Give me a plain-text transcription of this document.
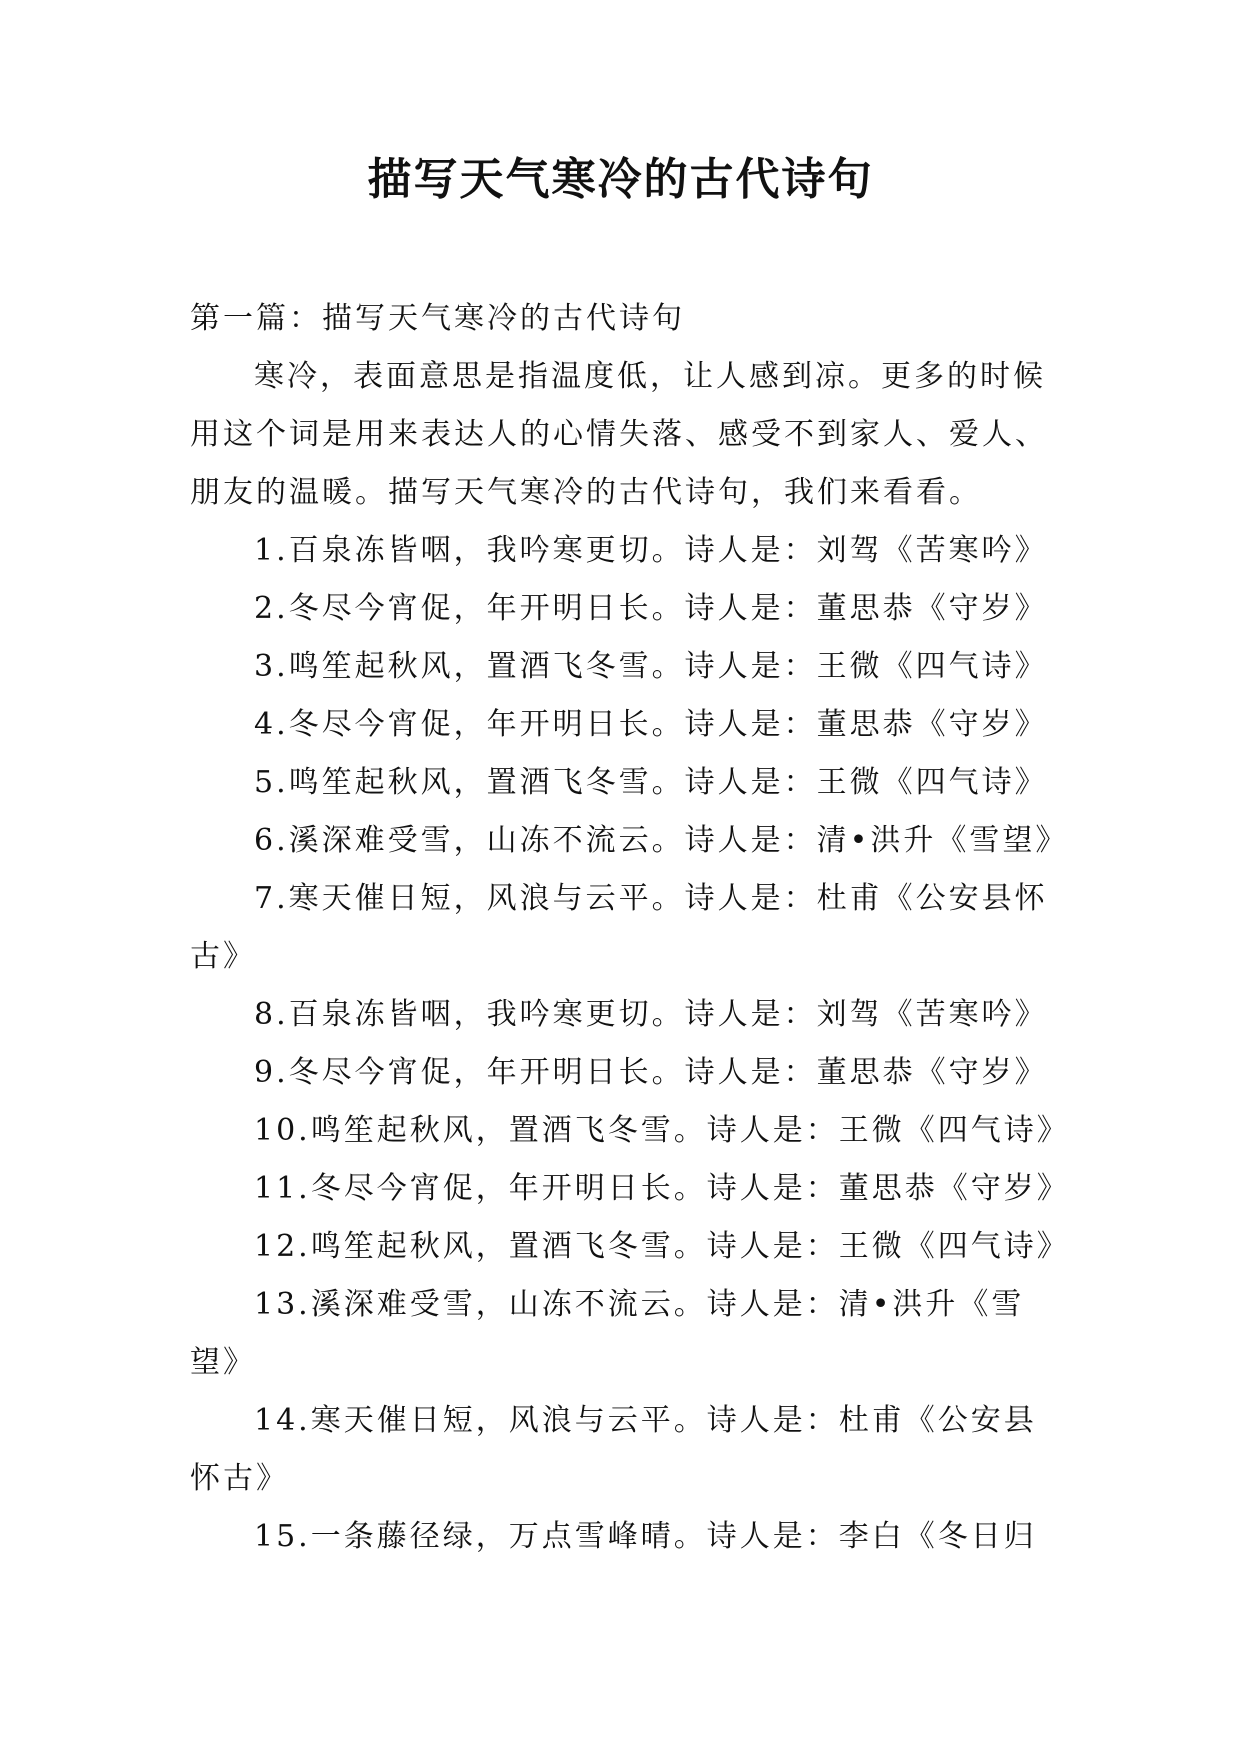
描写天气寒冷的古代诗句
第一篇：描写天气寒冷的古代诗句
寒冷，表面意思是指温度低，让人感到凉。更多的时候
用这个词是用来表达人的心情失落、感受不到家人、爱人、
朋友的温暖。描写天气寒冷的古代诗句，我们来看看。
1.百泉冻皆咽，我吟寒更切。诗人是：刘驾《苦寒吟》
2.冬尽今宵促，年开明日长。诗人是：董思恭《守岁》
3.鸣笙起秋风，置酒飞冬雪。诗人是：王微《四气诗》
4.冬尽今宵促，年开明日长。诗人是：董思恭《守岁》
5.鸣笙起秋风，置酒飞冬雪。诗人是：王微《四气诗》
6.溪深难受雪，山冻不流云。诗人是：清•洪升《雪望》
7.寒天催日短，风浪与云平。诗人是：杜甫《公安县怀
古》
8.百泉冻皆咽，我吟寒更切。诗人是：刘驾《苦寒吟》
9.冬尽今宵促，年开明日长。诗人是：董思恭《守岁》
10.鸣笙起秋风，置酒飞冬雪。诗人是：王微《四气诗》
11.冬尽今宵促，年开明日长。诗人是：董思恭《守岁》
12.鸣笙起秋风，置酒飞冬雪。诗人是：王微《四气诗》
13.溪深难受雪，山冻不流云。诗人是：清•洪升《雪
望》
14.寒天催日短，风浪与云平。诗人是：杜甫《公安县
怀古》
15.一条藤径绿，万点雪峰晴。诗人是：李白《冬日归
